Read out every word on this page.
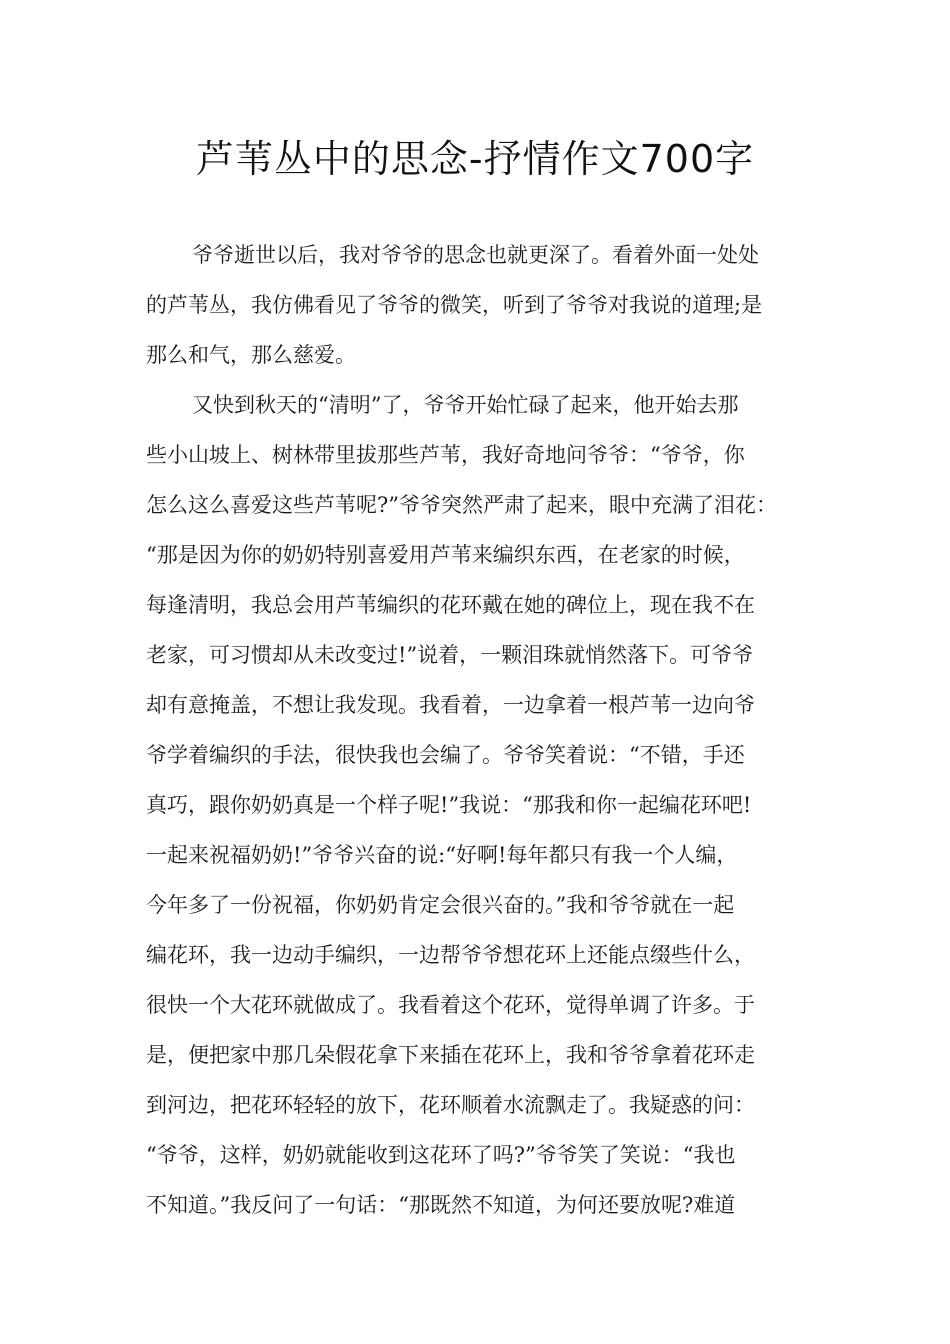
芦苇丛中的思念-抒情作文700字
爷爷逝世以后，我对爷爷的思念也就更深了。看着外面一处处
的芦苇丛，我仿佛看见了爷爷的微笑，听到了爷爷对我说的道理;是
那么和气，那么慈爱。
又快到秋天的“清明”了，爷爷开始忙碌了起来，他开始去那
些小山坡上、树林带里拔那些芦苇，我好奇地问爷爷：“爷爷，你
怎么这么喜爱这些芦苇呢?”爷爷突然严肃了起来，眼中充满了泪花：
“那是因为你的奶奶特别喜爱用芦苇来编织东西，在老家的时候，
每逢清明，我总会用芦苇编织的花环戴在她的碑位上，现在我不在
老家，可习惯却从未改变过!”说着，一颗泪珠就悄然落下。可爷爷
却有意掩盖，不想让我发现。我看着，一边拿着一根芦苇一边向爷
爷学着编织的手法，很快我也会编了。爷爷笑着说：“不错，手还
真巧，跟你奶奶真是一个样子呢!”我说：“那我和你一起编花环吧!
一起来祝福奶奶!”爷爷兴奋的说:“好啊!每年都只有我一个人编，
今年多了一份祝福，你奶奶肯定会很兴奋的。”我和爷爷就在一起
编花环，我一边动手编织，一边帮爷爷想花环上还能点缀些什么，
很快一个大花环就做成了。我看着这个花环，觉得单调了许多。于
是，便把家中那几朵假花拿下来插在花环上，我和爷爷拿着花环走
到河边，把花环轻轻的放下，花环顺着水流飘走了。我疑惑的问：
“爷爷，这样，奶奶就能收到这花环了吗?”爷爷笑了笑说：“我也
不知道。”我反问了一句话：“那既然不知道，为何还要放呢?难道
